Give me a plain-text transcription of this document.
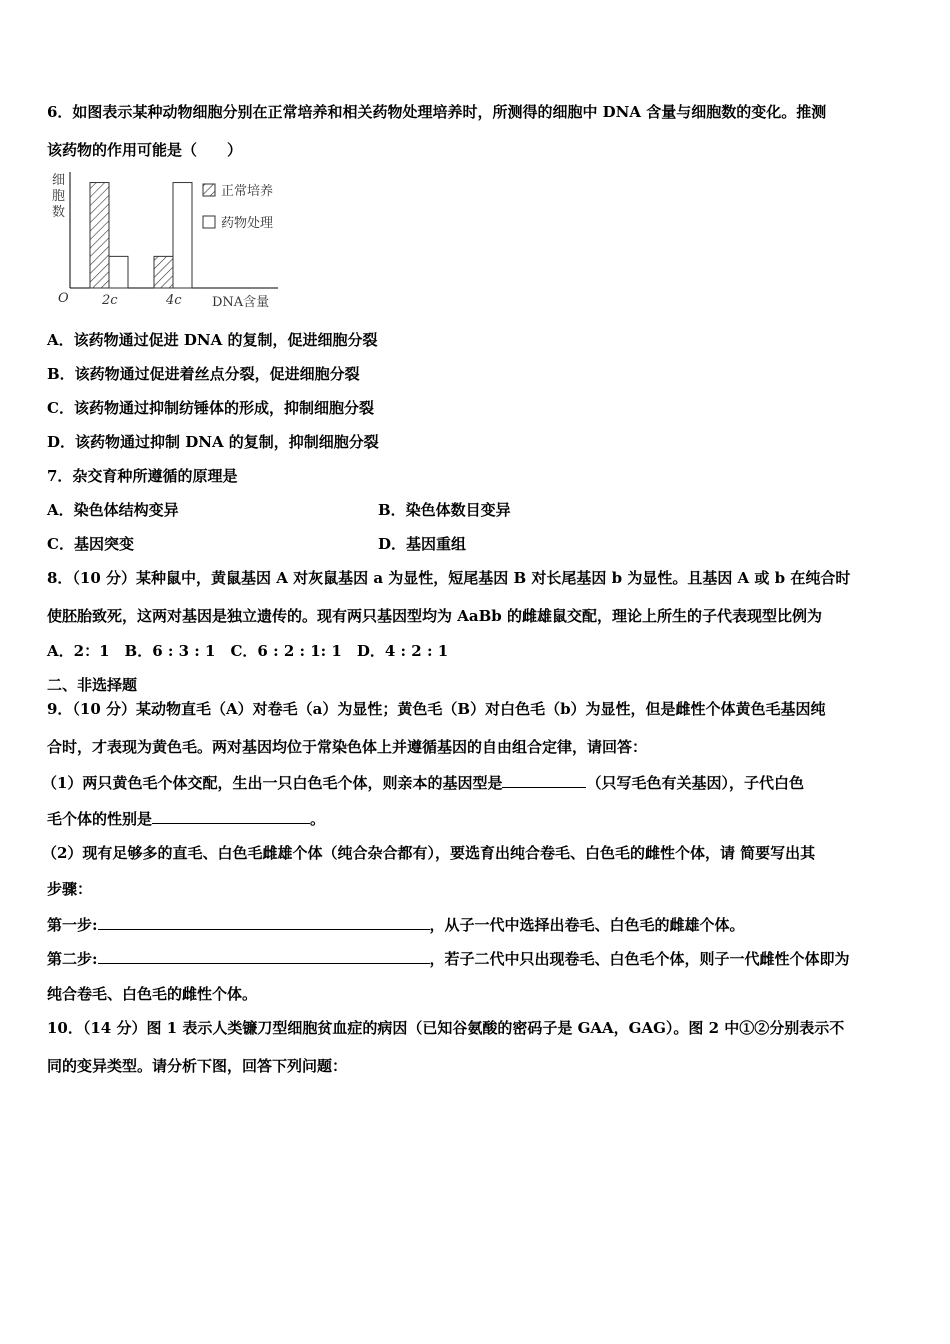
6．如图表示某种动物细胞分别在正常培养和相关药物处理培养时，所测得的细胞中 DNA 含量与细胞数的变化。推测
该药物的作用可能是（　　）
O
细
胞
数
DNA含量
2c	4c
正常培养
药物处理
A．该药物通过促进 DNA 的复制，促进细胞分裂
B．该药物通过促进着丝点分裂，促进细胞分裂
C．该药物通过抑制纺锤体的形成，抑制细胞分裂
D．该药物通过抑制 DNA 的复制，抑制细胞分裂
7．杂交育种所遵循的原理是
A．染色体结构变异	B．染色体数目变异
C．基因突变	D．基因重组
8．（10 分）某种鼠中，黄鼠基因 A 对灰鼠基因 a 为显性，短尾基因 B 对长尾基因 b 为显性。且基因 A 或 b 在纯合时
使胚胎致死，这两对基因是独立遗传的。现有两只基因型均为 AaBb 的雌雄鼠交配，理论上所生的子代表现型比例为
A．2：1　B．6 : 3 : 1　C．6 : 2 : 1: 1　D．4 : 2 : 1
二、非选择题
9．（10 分）某动物直毛（A）对卷毛（a）为显性；黄色毛（B）对白色毛（b）为显性，但是雌性个体黄色毛基因纯
合时，才表现为黄色毛。两对基因均位于常染色体上并遵循基因的自由组合定律，请回答：
（1）两只黄色毛个体交配，生出一只白色毛个体，则亲本的基因型是	（只写毛色有关基因），子代白色
毛个体的性别是	。
（2）现有足够多的直毛、白色毛雌雄个体（纯合杂合都有），要选育出纯合卷毛、白色毛的雌性个体，请 简要写出其
步骤：
第一步:	，从子一代中选择出卷毛、白色毛的雌雄个体。
第二步:	，若子二代中只出现卷毛、白色毛个体，则子一代雌性个体即为
纯合卷毛、白色毛的雌性个体。
10．（14 分）图 1 表示人类镰刀型细胞贫血症的病因（已知谷氨酸的密码子是 GAA，GAG）。图 2 中①②分别表示不
同的变异类型。请分析下图，回答下列问题：
